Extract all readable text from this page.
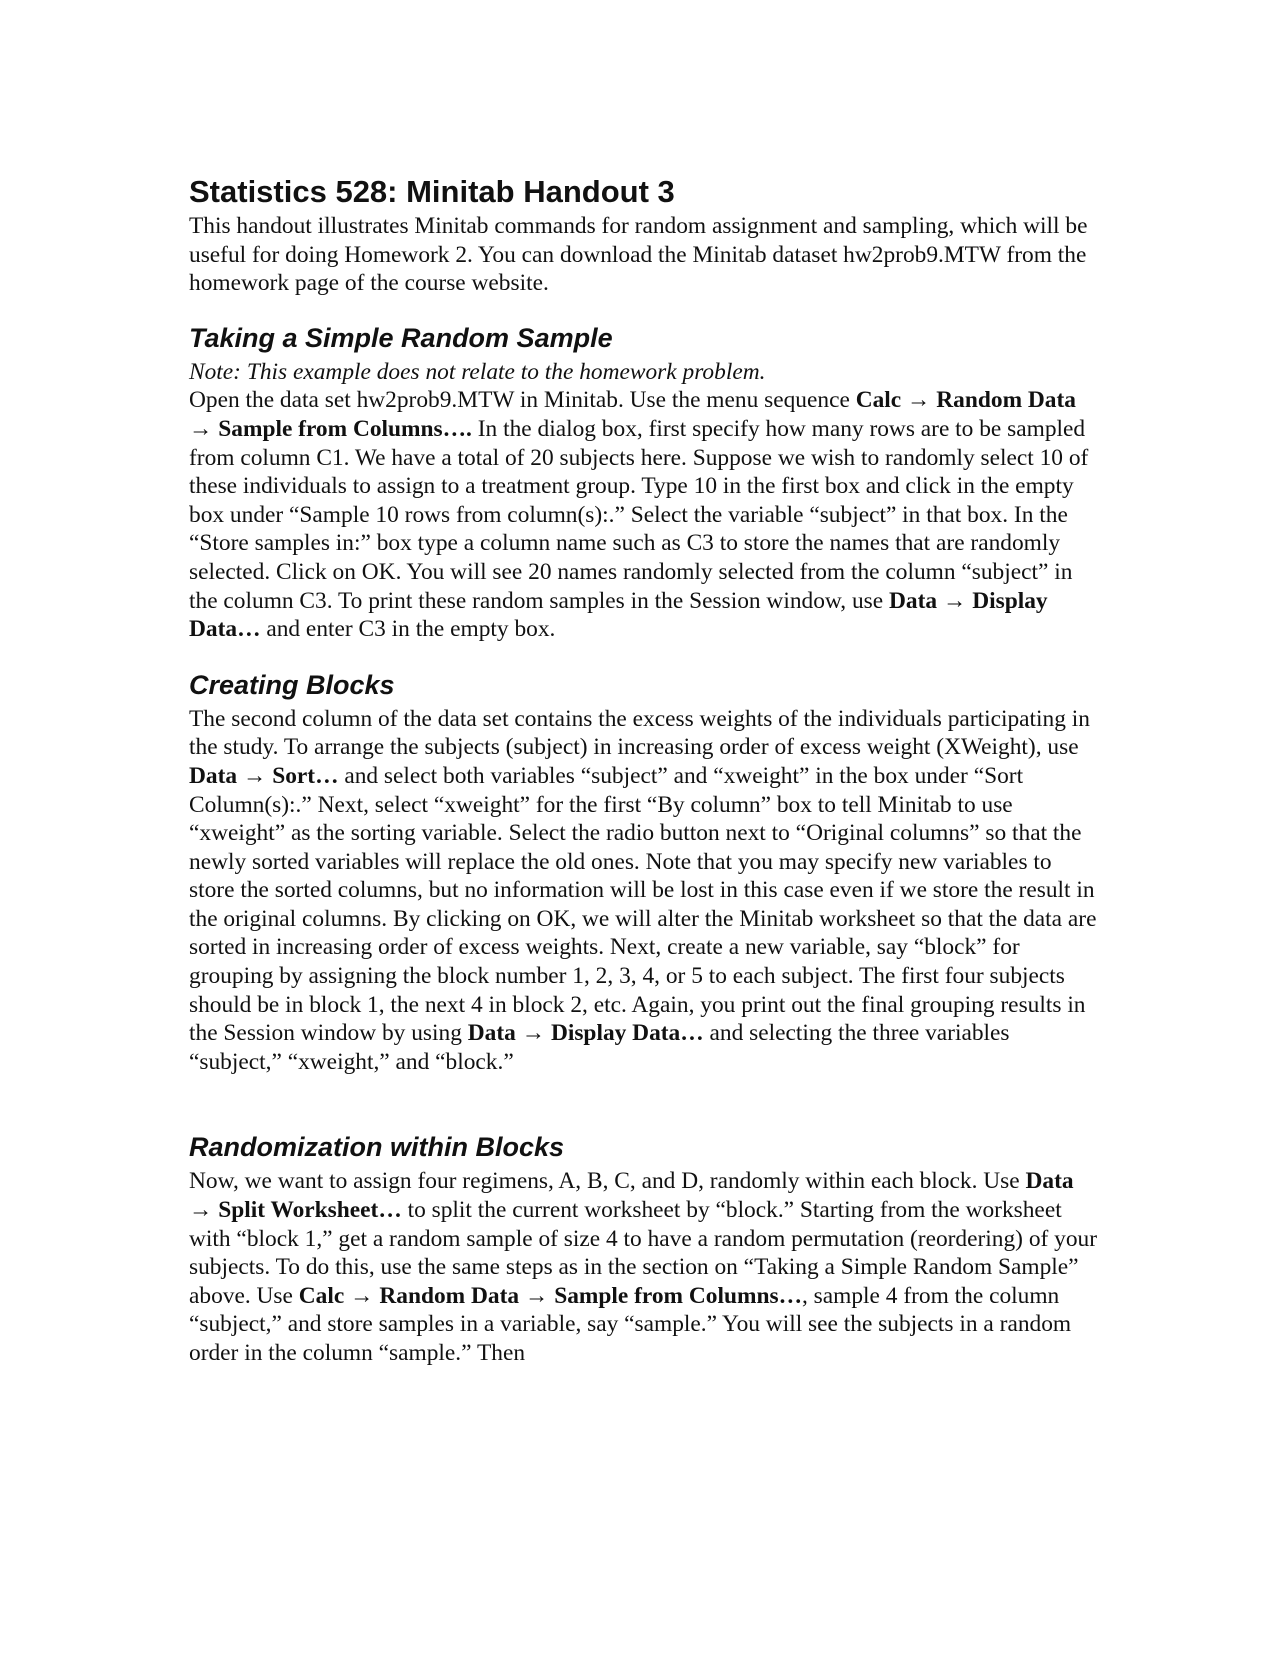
Statistics 528: Minitab Handout 3

This handout illustrates Minitab commands for random assignment and sampling, which will be useful for doing Homework 2. You can download the Minitab dataset hw2prob9.MTW from the homework page of the course website.

Taking a Simple Random Sample

Note: This example does not relate to the homework problem.

Open the data set hw2prob9.MTW in Minitab. Use the menu sequence Calc → Random Data → Sample from Columns…. In the dialog box, first specify how many rows are to be sampled from column C1. We have a total of 20 subjects here. Suppose we wish to randomly select 10 of these individuals to assign to a treatment group. Type 10 in the first box and click in the empty box under “Sample 10 rows from column(s):.” Select the variable “subject” in that box. In the “Store samples in:” box type a column name such as C3 to store the names that are randomly selected. Click on OK. You will see 20 names randomly selected from the column “subject” in the column C3. To print these random samples in the Session window, use Data → Display Data… and enter C3 in the empty box.

Creating Blocks

The second column of the data set contains the excess weights of the individuals participating in the study. To arrange the subjects (subject) in increasing order of excess weight (XWeight), use Data → Sort… and select both variables “subject” and “xweight” in the box under “Sort Column(s):.” Next, select “xweight” for the first “By column” box to tell Minitab to use “xweight” as the sorting variable. Select the radio button next to “Original columns” so that the newly sorted variables will replace the old ones. Note that you may specify new variables to store the sorted columns, but no information will be lost in this case even if we store the result in the original columns. By clicking on OK, we will alter the Minitab worksheet so that the data are sorted in increasing order of excess weights. Next, create a new variable, say “block” for grouping by assigning the block number 1, 2, 3, 4, or 5 to each subject. The first four subjects should be in block 1, the next 4 in block 2, etc. Again, you print out the final grouping results in the Session window by using Data → Display Data… and selecting the three variables “subject,” “xweight,” and “block.”

Randomization within Blocks

Now, we want to assign four regimens, A, B, C, and D, randomly within each block. Use Data → Split Worksheet… to split the current worksheet by “block.” Starting from the worksheet with “block 1,” get a random sample of size 4 to have a random permutation (reordering) of your subjects. To do this, use the same steps as in the section on “Taking a Simple Random Sample” above. Use Calc → Random Data → Sample from Columns…, sample 4 from the column “subject,” and store samples in a variable, say “sample.” You will see the subjects in a random order in the column “sample.” Then
